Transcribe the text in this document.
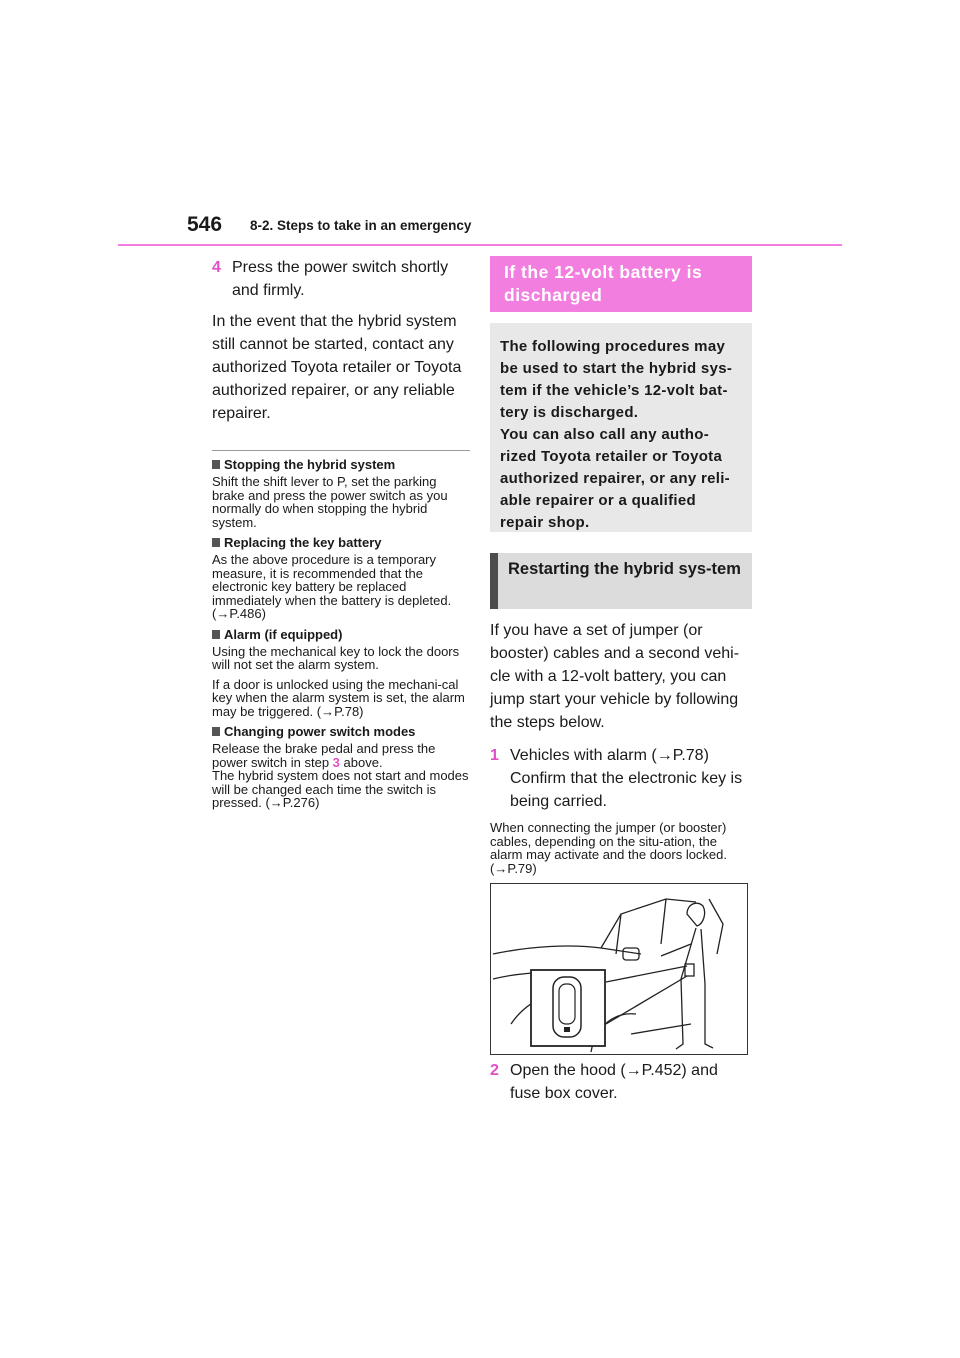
546 8-2. Steps to take in an emergency
4 Press the power switch shortly and firmly.

In the event that the hybrid system still cannot be started, contact any authorized Toyota retailer or Toyota authorized repairer, or any reliable repairer.

Stopping the hybrid system

Shift the shift lever to P, set the parking brake and press the power switch as you normally do when stopping the hybrid system.

Replacing the key battery

As the above procedure is a temporary measure, it is recommended that the electronic key battery be replaced immediately when the battery is depleted. (→P.486)

Alarm (if equipped)

Using the mechanical key to lock the doors will not set the alarm system.

If a door is unlocked using the mechani-cal key when the alarm system is set, the alarm may be triggered. (→P.78)

Changing power switch modes

Release the brake pedal and press the power switch in step 3 above.
The hybrid system does not start and modes will be changed each time the switch is pressed. (→P.276)

If the 12-volt battery is discharged
The following procedures may be used to start the hybrid sys-tem if the vehicle’s 12-volt bat-tery is discharged.
You can also call any autho-rized Toyota retailer or Toyota authorized repairer, or any reli-able repairer or a qualified repair shop.
Restarting the hybrid sys-tem

If you have a set of jumper (or booster) cables and a second vehi-cle with a 12-volt battery, you can jump start your vehicle by following the steps below.

1 Vehicles with alarm (→P.78) Confirm that the electronic key is being carried.

When connecting the jumper (or booster) cables, depending on the situ-ation, the alarm may activate and the doors locked. (→P.79)

2 Open the hood (→P.452) and fuse box cover.
